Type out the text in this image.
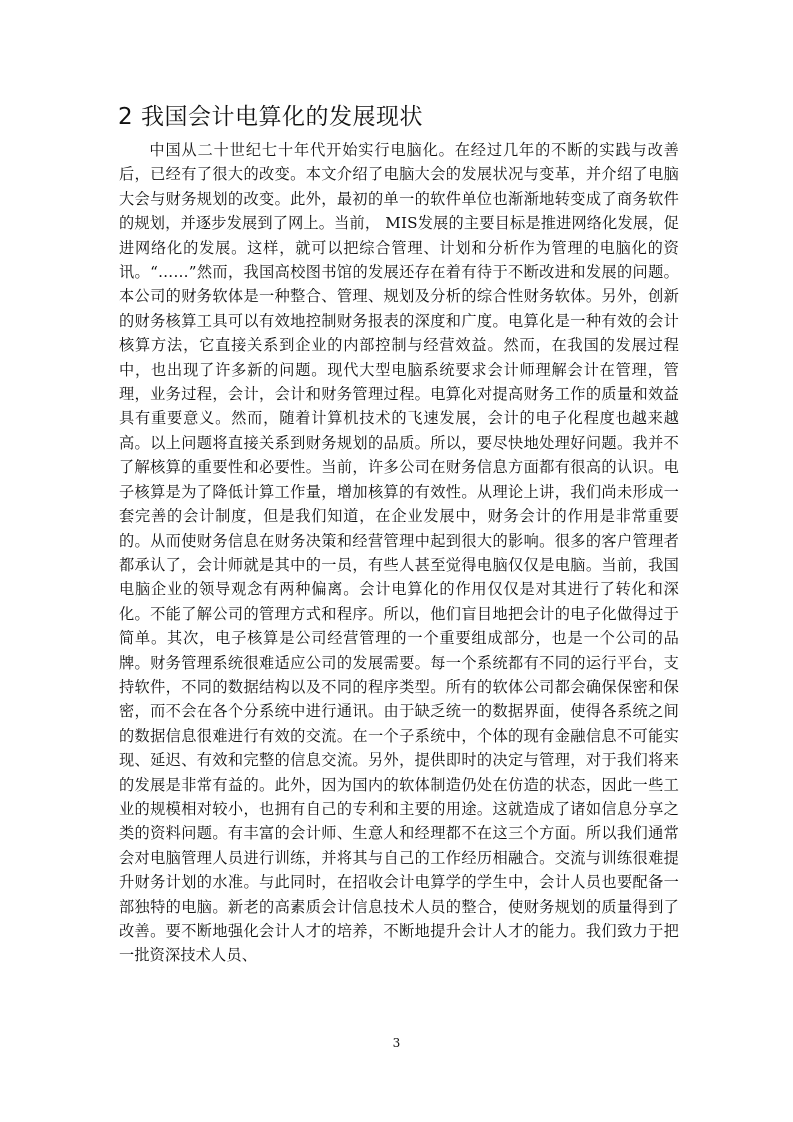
2 我国会计电算化的发展现状

中国从二十世纪七十年代开始实行电脑化。在经过几年的不断的实践与改善后，已经有了很大的改变。本文介绍了电脑大会的发展状况与变革，并介绍了电脑大会与财务规划的改变。此外，最初的单一的软件单位也渐渐地转变成了商务软件的规划，并逐步发展到了网上。当前， MIS发展的主要目标是推进网络化发展，促进网络化的发展。这样，就可以把综合管理、计划和分析作为管理的电脑化的资讯。“……”然而，我国高校图书馆的发展还存在着有待于不断改进和发展的问题。本公司的财务软体是一种整合、管理、规划及分析的综合性财务软体。另外，创新的财务核算工具可以有效地控制财务报表的深度和广度。电算化是一种有效的会计核算方法，它直接关系到企业的内部控制与经营效益。然而，在我国的发展过程中，也出现了许多新的问题。现代大型电脑系统要求会计师理解会计在管理，管理，业务过程，会计，会计和财务管理过程。电算化对提高财务工作的质量和效益具有重要意义。然而，随着计算机技术的飞速发展，会计的电子化程度也越来越高。以上问题将直接关系到财务规划的品质。所以，要尽快地处理好问题。我并不了解核算的重要性和必要性。当前，许多公司在财务信息方面都有很高的认识。电子核算是为了降低计算工作量，增加核算的有效性。从理论上讲，我们尚未形成一套完善的会计制度，但是我们知道，在企业发展中，财务会计的作用是非常重要的。从而使财务信息在财务决策和经营管理中起到很大的影响。很多的客户管理者都承认了，会计师就是其中的一员，有些人甚至觉得电脑仅仅是电脑。当前，我国电脑企业的领导观念有两种偏离。会计电算化的作用仅仅是对其进行了转化和深化。不能了解公司的管理方式和程序。所以，他们盲目地把会计的电子化做得过于简单。其次，电子核算是公司经营管理的一个重要组成部分，也是一个公司的品牌。财务管理系统很难适应公司的发展需要。每一个系统都有不同的运行平台，支持软件，不同的数据结构以及不同的程序类型。所有的软体公司都会确保保密和保密，而不会在各个分系统中进行通讯。由于缺乏统一的数据界面，使得各系统之间的数据信息很难进行有效的交流。在一个子系统中，个体的现有金融信息不可能实现、延迟、有效和完整的信息交流。另外，提供即时的决定与管理，对于我们将来的发展是非常有益的。此外，因为国内的软体制造仍处在仿造的状态，因此一些工业的规模相对较小，也拥有自己的专利和主要的用途。这就造成了诸如信息分享之类的资料问题。有丰富的会计师、生意人和经理都不在这三个方面。所以我们通常会对电脑管理人员进行训练，并将其与自己的工作经历相融合。交流与训练很难提升财务计划的水准。与此同时，在招收会计电算学的学生中，会计人员也要配备一部独特的电脑。新老的高素质会计信息技术人员的整合，使财务规划的质量得到了改善。要不断地强化会计人才的培养，不断地提升会计人才的能力。我们致力于把一批资深技术人员、

3
